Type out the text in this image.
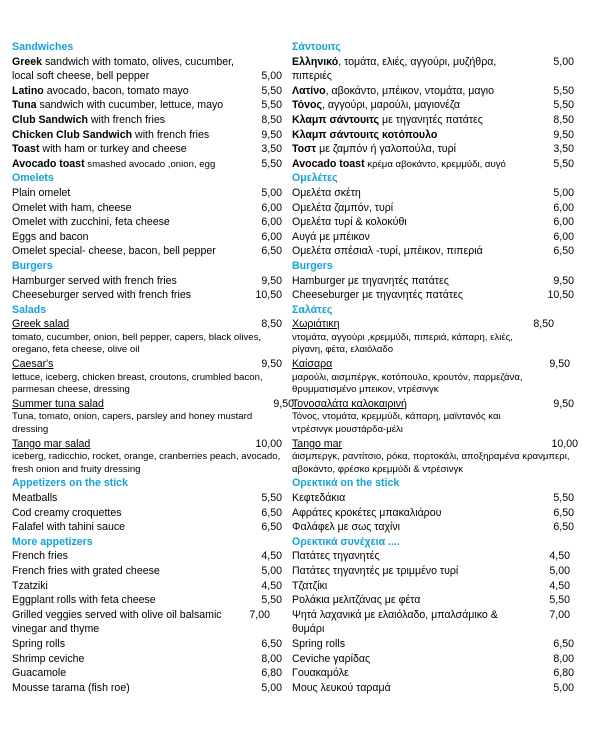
Sandwiches
Greek sandwich with tomato, olives, cucumber, local soft cheese, bell pepper	5,00
Latino avocado, bacon, tomato mayo	5,50
Tuna sandwich with cucumber, lettuce, mayo	5,50
Club Sandwich with french fries	8,50
Chicken Club Sandwich with french fries	9,50
Toast with ham or turkey and cheese	3,50
Avocado toast smashed avocado ,onion, egg	5,50
Omelets
Plain omelet	5,00
Omelet with ham, cheese	6,00
Omelet with zucchini, feta cheese	6,00
Eggs and bacon	6,00
Omelet special- cheese, bacon, bell pepper	6,50
Burgers
Hamburger served with french fries	9,50
Cheeseburger served with french fries	10,50
Salads
Greek salad	8,50
tomato, cucumber, onion, bell pepper, capers, black olives, oregano, feta cheese, olive oil
Caesar's	9,50
lettuce, iceberg, chicken breast, croutons, crumbled bacon, parmesan cheese, dressing
Summer tuna salad	9,50
Tuna, tomato, onion, capers, parsley and honey mustard dressing
Tango mar salad	10,00
iceberg, radicchio, rocket, orange, cranberries peach, avocado, fresh onion and fruity dressing
Appetizers on the stick
Meatballs	5,50
Cod creamy croquettes	6,50
Falafel with tahini sauce	6,50
More appetizers
French fries	4,50
French fries with grated cheese	5,00
Tzatziki	4,50
Eggplant rolls with feta cheese	5,50
Grilled veggies served with olive oil balsamic vinegar and thyme
7,00
Spring rolls	6,50
Shrimp ceviche	8,00
Guacamole	6,80
Mousse tarama (fish roe)	5,00
Σάντουιτς
Ελληνικό, τομάτα, ελιές, αγγούρι, μυζήθρα, πιπεριές
5,00
Λατίνο, αβοκάντο, μπέικον, ντομάτα, μαγιο	5,50
Τόνος, αγγούρι, μαρούλι, μαγιονέζα	5,50
Κλαμπ σάντουιτς με τηγανητές πατάτες	8,50
Κλαμπ σάντουιτς κοτόπουλο	9,50
Τοστ με ζαμπόν ή γαλοπούλα, τυρί	3,50
Avocado toast κρέμα αβοκάντο, κρεμμύδι, αυγό	5,50
Ομελέτες
Ομελέτα σκέτη	5,00
Ομελέτα ζαμπόν, τυρί	6,00
Ομελέτα τυρί & κολοκύθι	6,00
Αυγά με μπέικον	6,00
Ομελέτα σπέσιαλ -τυρί, μπέικον, πιπεριά	6,50
Burgers
Hamburger με τηγανητές πατάτες	9,50
Cheeseburger με τηγανητές πατάτες	10,50
Σαλάτες
Χωριάτικη	8,50
ντομάτα, αγγούρι ,κρεμμύδι, πιπεριά, κάπαρη, ελιές, ρίγανη, φέτα, ελαιόλαδο
Καίσαρα	9,50
μαρούλι, αισμπέργκ, κοτόπουλο, κρουτόν, παρμεζάνα, θρυμματισμένο μπεικον, ντρέσινγκ
Τονοσαλάτα καλοκαιρινή	9,50
Τόνος, ντομάτα, κρεμμύδι, κάπαρη, μαϊντανός και ντρέσινγκ μουστάρδα-μέλι
Tango mar	10,00
άισμπεργκ, ραντίτσιο, ρόκα, πορτοκάλι, αποξηραμένα κρανμπερι, αβοκάντο, φρέσκο κρεμμύδι & ντρέσινγκ
Ορεκτικά on the stick
Κεφτεδάκια	5,50
Αφράτες κροκέτες μπακαλιάρου	6,50
Φαλάφελ με σως ταχίνι	6,50
Ορεκτικά συνέχεια ....
Πατάτες τηγανητές	4,50
Πατάτες τηγανητές με τριμμένο τυρί	5,00
Τζατζίκι	4,50
Ρολάκια μελιτζάνας με φέτα	5,50
Ψητά λαχανικά με ελαιόλαδο, μπαλσάμικο & θυμάρι
7,00
Spring rolls	6,50
Ceviche γαρίδας	8,00
Γουακαμόλε	6,80
Μους λευκού ταραμά	5,00
